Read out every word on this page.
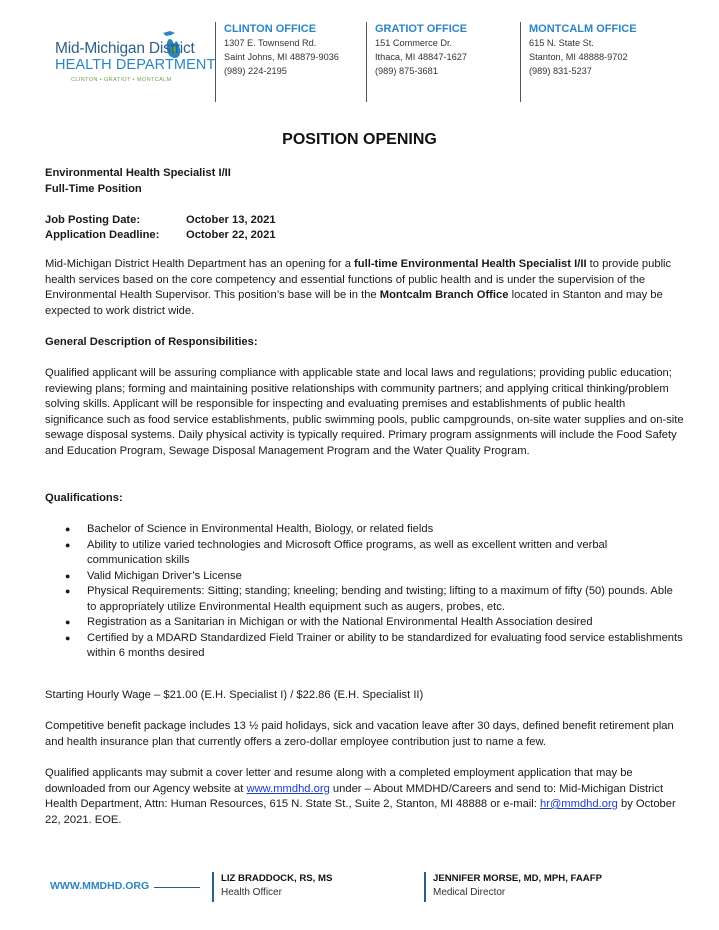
Mid-Michigan District
HEALTH DEPARTMENT
CLINTON • GRATIOT • MONTCALM
CLINTON OFFICE
1307 E. Townsend Rd.
Saint Johns, MI 48879-9036
(989) 224-2195
GRATIOT OFFICE
151 Commerce Dr.
Ithaca, MI 48847-1627
(989) 875-3681
MONTCALM OFFICE
615 N. State St.
Stanton, MI 48888-9702
(989) 831-5237
POSITION OPENING

Environmental Health Specialist I/II

Full-Time Position

Job Posting Date:	October 13, 2021

Application Deadline: October 22, 2021

Mid-Michigan District Health Department has an opening for a full-time Environmental Health Specialist I/II to provide public health services based on the core competency and essential functions of public health and is under the supervision of the Environmental Health Supervisor. This position’s base will be in the Montcalm Branch Office located in Stanton and may be expected to work district wide.

General Description of Responsibilities:
Qualified applicant will be assuring compliance with applicable state and local laws and regulations; providing public education; reviewing plans; forming and maintaining positive relationships with community partners; and applying critical thinking/problem solving skills. Applicant will be responsible for inspecting and evaluating premises and establishments of public health significance such as food service establishments, public swimming pools, public campgrounds, on-site water supplies and on-site sewage disposal systems. Daily physical activity is typically required. Primary program assignments will include the Food Safety and Education Program, Sewage Disposal Management Program and the Water Quality Program.
Qualifications:
● Bachelor of Science in Environmental Health, Biology, or related fields
● Ability to utilize varied technologies and Microsoft Office programs, as well as excellent written and verbal communication skills
● Valid Michigan Driver’s License
● Physical Requirements: Sitting; standing; kneeling; bending and twisting; lifting to a maximum of fifty (50) pounds. Able to appropriately utilize Environmental Health equipment such as augers, probes, etc.
● Registration as a Sanitarian in Michigan or with the National Environmental Health Association desired
● Certified by a MDARD Standardized Field Trainer or ability to be standardized for evaluating food service establishments within 6 months desired
Starting Hourly Wage – $21.00 (E.H. Specialist I) / $22.86 (E.H. Specialist II)
Competitive benefit package includes 13 ½ paid holidays, sick and vacation leave after 30 days, defined benefit retirement plan and health insurance plan that currently offers a zero-dollar employee contribution just to name a few.

Qualified applicants may submit a cover letter and resume along with a completed employment application that may be downloaded from our Agency website at www.mmdhd.org under – About MMDHD/Careers and send to: Mid-Michigan District Health Department, Attn: Human Resources, 615 N. State St., Suite 2, Stanton, MI 48888 or e-mail: hr@mmdhd.org by October 22, 2021. EOE.

WWW.MMDHD.ORG
LIZ BRADDOCK, RS, MS
Health Officer
JENNIFER MORSE, MD, MPH, FAAFP
Medical Director
